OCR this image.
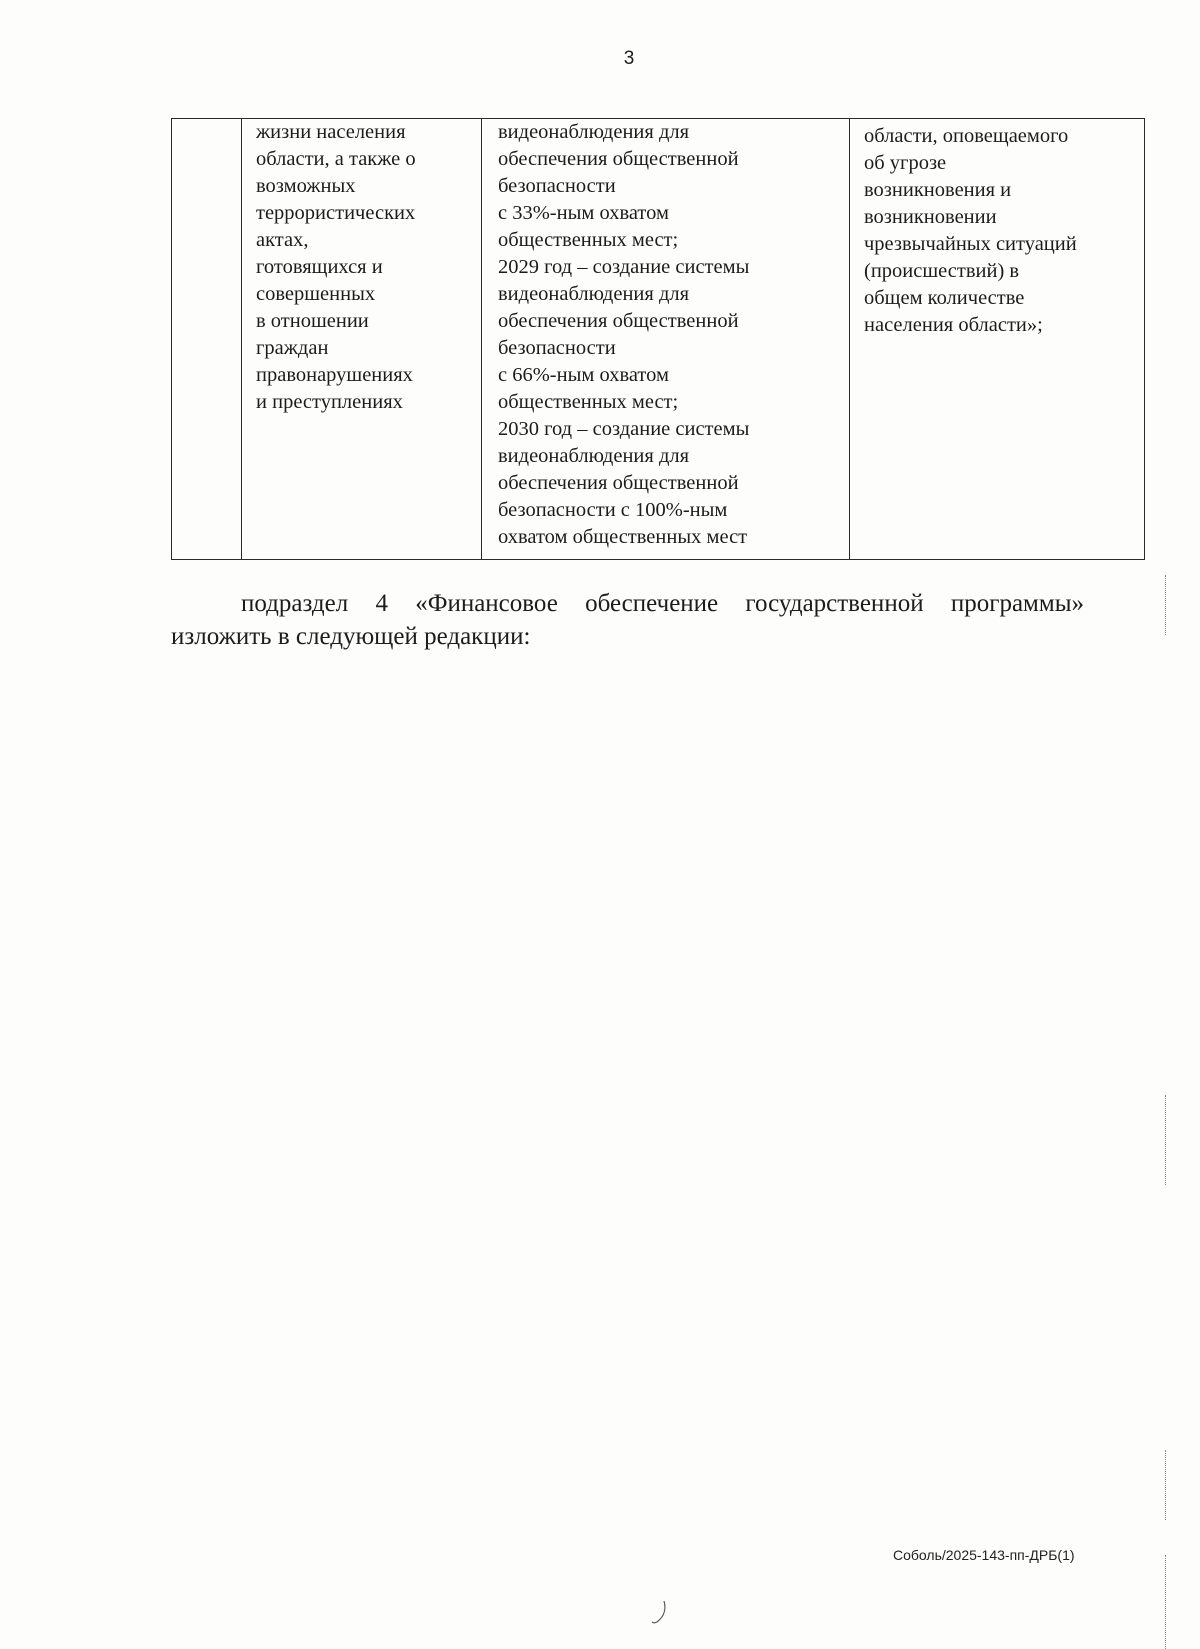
3

жизни населения
области, а также о
возможных
террористических
актах,
готовящихся и
совершенных
в отношении
граждан
правонарушениях
и преступлениях

видеонаблюдения для
обеспечения общественной
безопасности
с 33%-ным охватом
общественных мест;
2029 год – создание системы
видеонаблюдения для
обеспечения общественной
безопасности
с 66%-ным охватом
общественных мест;
2030 год – создание системы
видеонаблюдения для
обеспечения общественной
безопасности с 100%-ным
охватом общественных мест

области, оповещаемого
об угрозе
возникновения и
возникновении
чрезвычайных ситуаций
(происшествий) в
общем количестве
населения области»;
подраздел 4 «Финансовое обеспечение государственной программы»
изложить в следующей редакции:
Соболь/2025-143-пп-ДРБ(1)
